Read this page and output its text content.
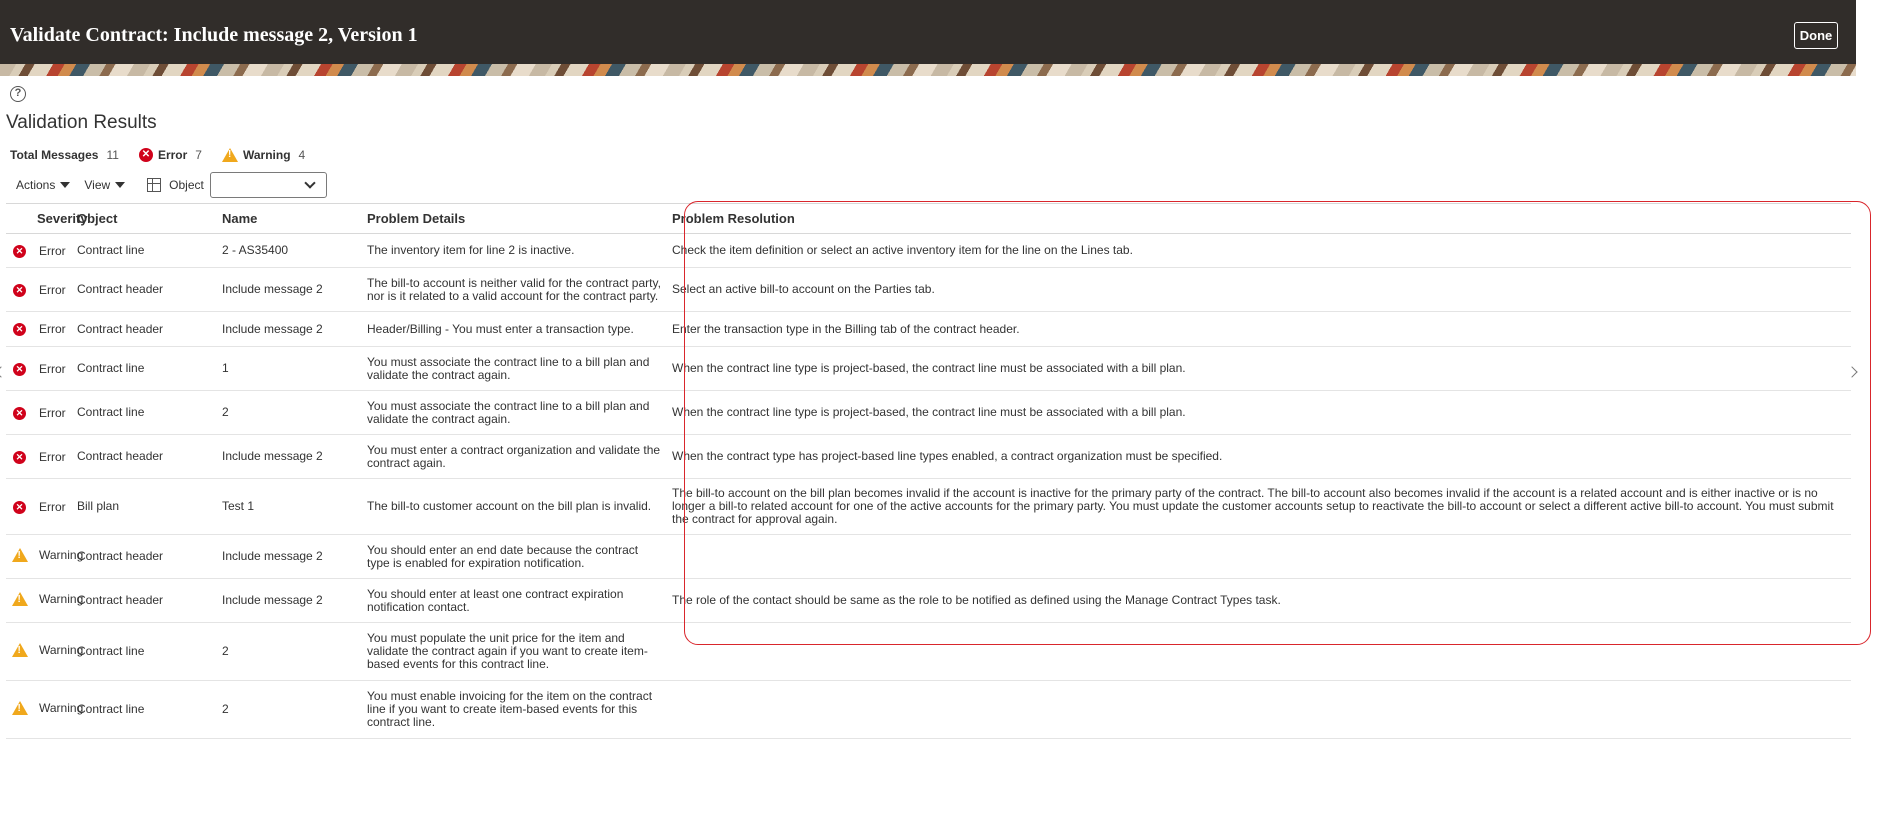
Validate Contract: Include message 2, Version 1	Done
?
Validation Results
Total Messages 11 ✕ Error 7	! Warning 4
Actions View	Object
Severity	Object	Name	Problem Details	Problem Resolution

✕ Error	Contract line	2 - AS35400	The inventory item for line 2 is inactive.	Check the item definition or select an active inventory item for the line on the Lines tab.

✕ Error	Contract header	Include message 2	The bill-to account is neither valid for the contract party, nor is it related to a valid account for the contract party.	Select an active bill-to account on the Parties tab.

✕ Error	Contract header	Include message 2	Header/Billing - You must enter a transaction type.	Enter the transaction type in the Billing tab of the contract header.

✕ Error	Contract line	1	You must associate the contract line to a bill plan and validate the contract again.	When the contract line type is project-based, the contract line must be associated with a bill plan.

✕ Error	Contract line	2	You must associate the contract line to a bill plan and validate the contract again.	When the contract line type is project-based, the contract line must be associated with a bill plan.

✕ Error	Contract header	Include message 2	You must enter a contract organization and validate the contract again.	When the contract type has project-based line types enabled, a contract organization must be specified.

✕ Error	Bill plan	Test 1	The bill-to customer account on the bill plan is invalid.	The bill-to account on the bill plan becomes invalid if the account is inactive for the primary party of the contract. The bill-to account also becomes invalid if the account is a related account and is either inactive or is no longer a bill-to related account for one of the active accounts for the primary party. You must update the customer accounts setup to reactivate the bill-to account or select a different active bill-to account. You must submit the contract for approval again.

! Warning	Contract header	Include message 2	You should enter an end date because the contract type is enabled for expiration notification.	

! Warning	Contract header	Include message 2	You should enter at least one contract expiration notification contact.	The role of the contact should be same as the role to be notified as defined using the Manage Contract Types task.

! Warning	Contract line	2	You must populate the unit price for the item and validate the contract again if you want to create item-based events for this contract line.	

! Warning	Contract line	2	You must enable invoicing for the item on the contract line if you want to create item-based events for this contract line.	
